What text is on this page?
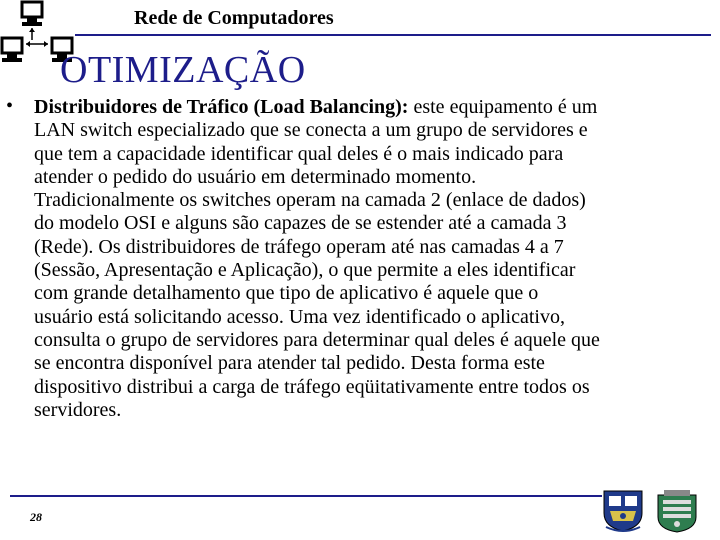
Rede de Computadores
OTIMIZAÇÃO
• Distribuidores de Tráfico (Load Balancing): este equipamento é um
LAN switch especializado que se conecta a um grupo de servidores e
que tem a capacidade identificar qual deles é o mais indicado para
atender o pedido do usuário em determinado momento.
Tradicionalmente os switches operam na camada 2 (enlace de dados)
do modelo OSI e alguns são capazes de se estender até a camada 3
(Rede). Os distribuidores de tráfego operam até nas camadas 4 a 7
(Sessão, Apresentação e Aplicação), o que permite a eles identificar
com grande detalhamento que tipo de aplicativo é aquele que o
usuário está solicitando acesso. Uma vez identificado o aplicativo,
consulta o grupo de servidores para determinar qual deles é aquele que
se encontra disponível para atender tal pedido. Desta forma este
dispositivo distribui a carga de tráfego eqüitativamente entre todos os
servidores.
28
